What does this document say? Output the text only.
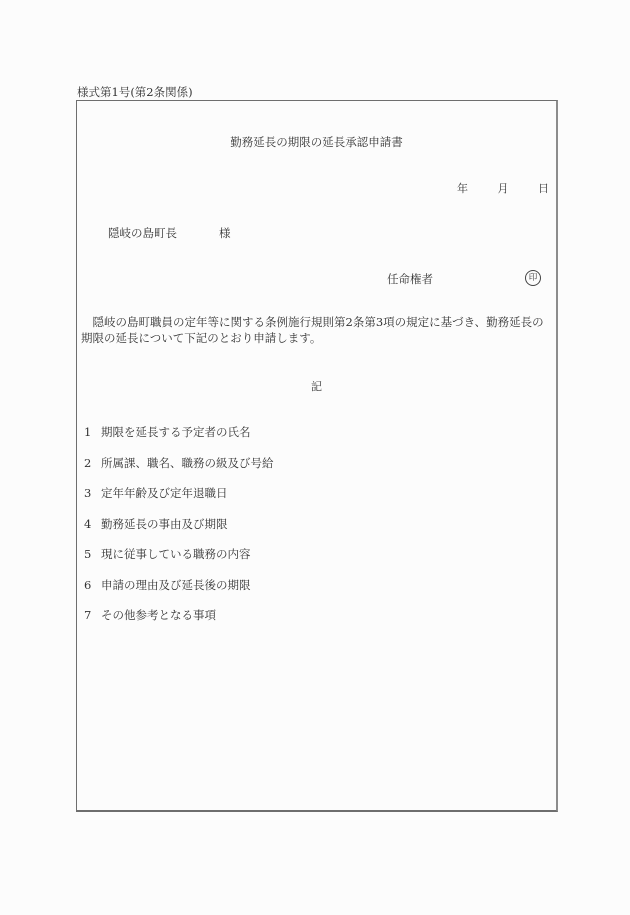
様式第1号(第2条関係)
勤務延長の期限の延長承認申請書
年	月	日
隠岐の島町長	様
任命権者	印
隠岐の島町職員の定年等に関する条例施行規則第2条第3項の規定に基づき、勤務延長の期限の延長について下記のとおり申請します。
記
1 期限を延長する予定者の氏名
2 所属課、職名、職務の級及び号給
3 定年年齢及び定年退職日
4 勤務延長の事由及び期限
5 現に従事している職務の内容
6 申請の理由及び延長後の期限
7 その他参考となる事項
